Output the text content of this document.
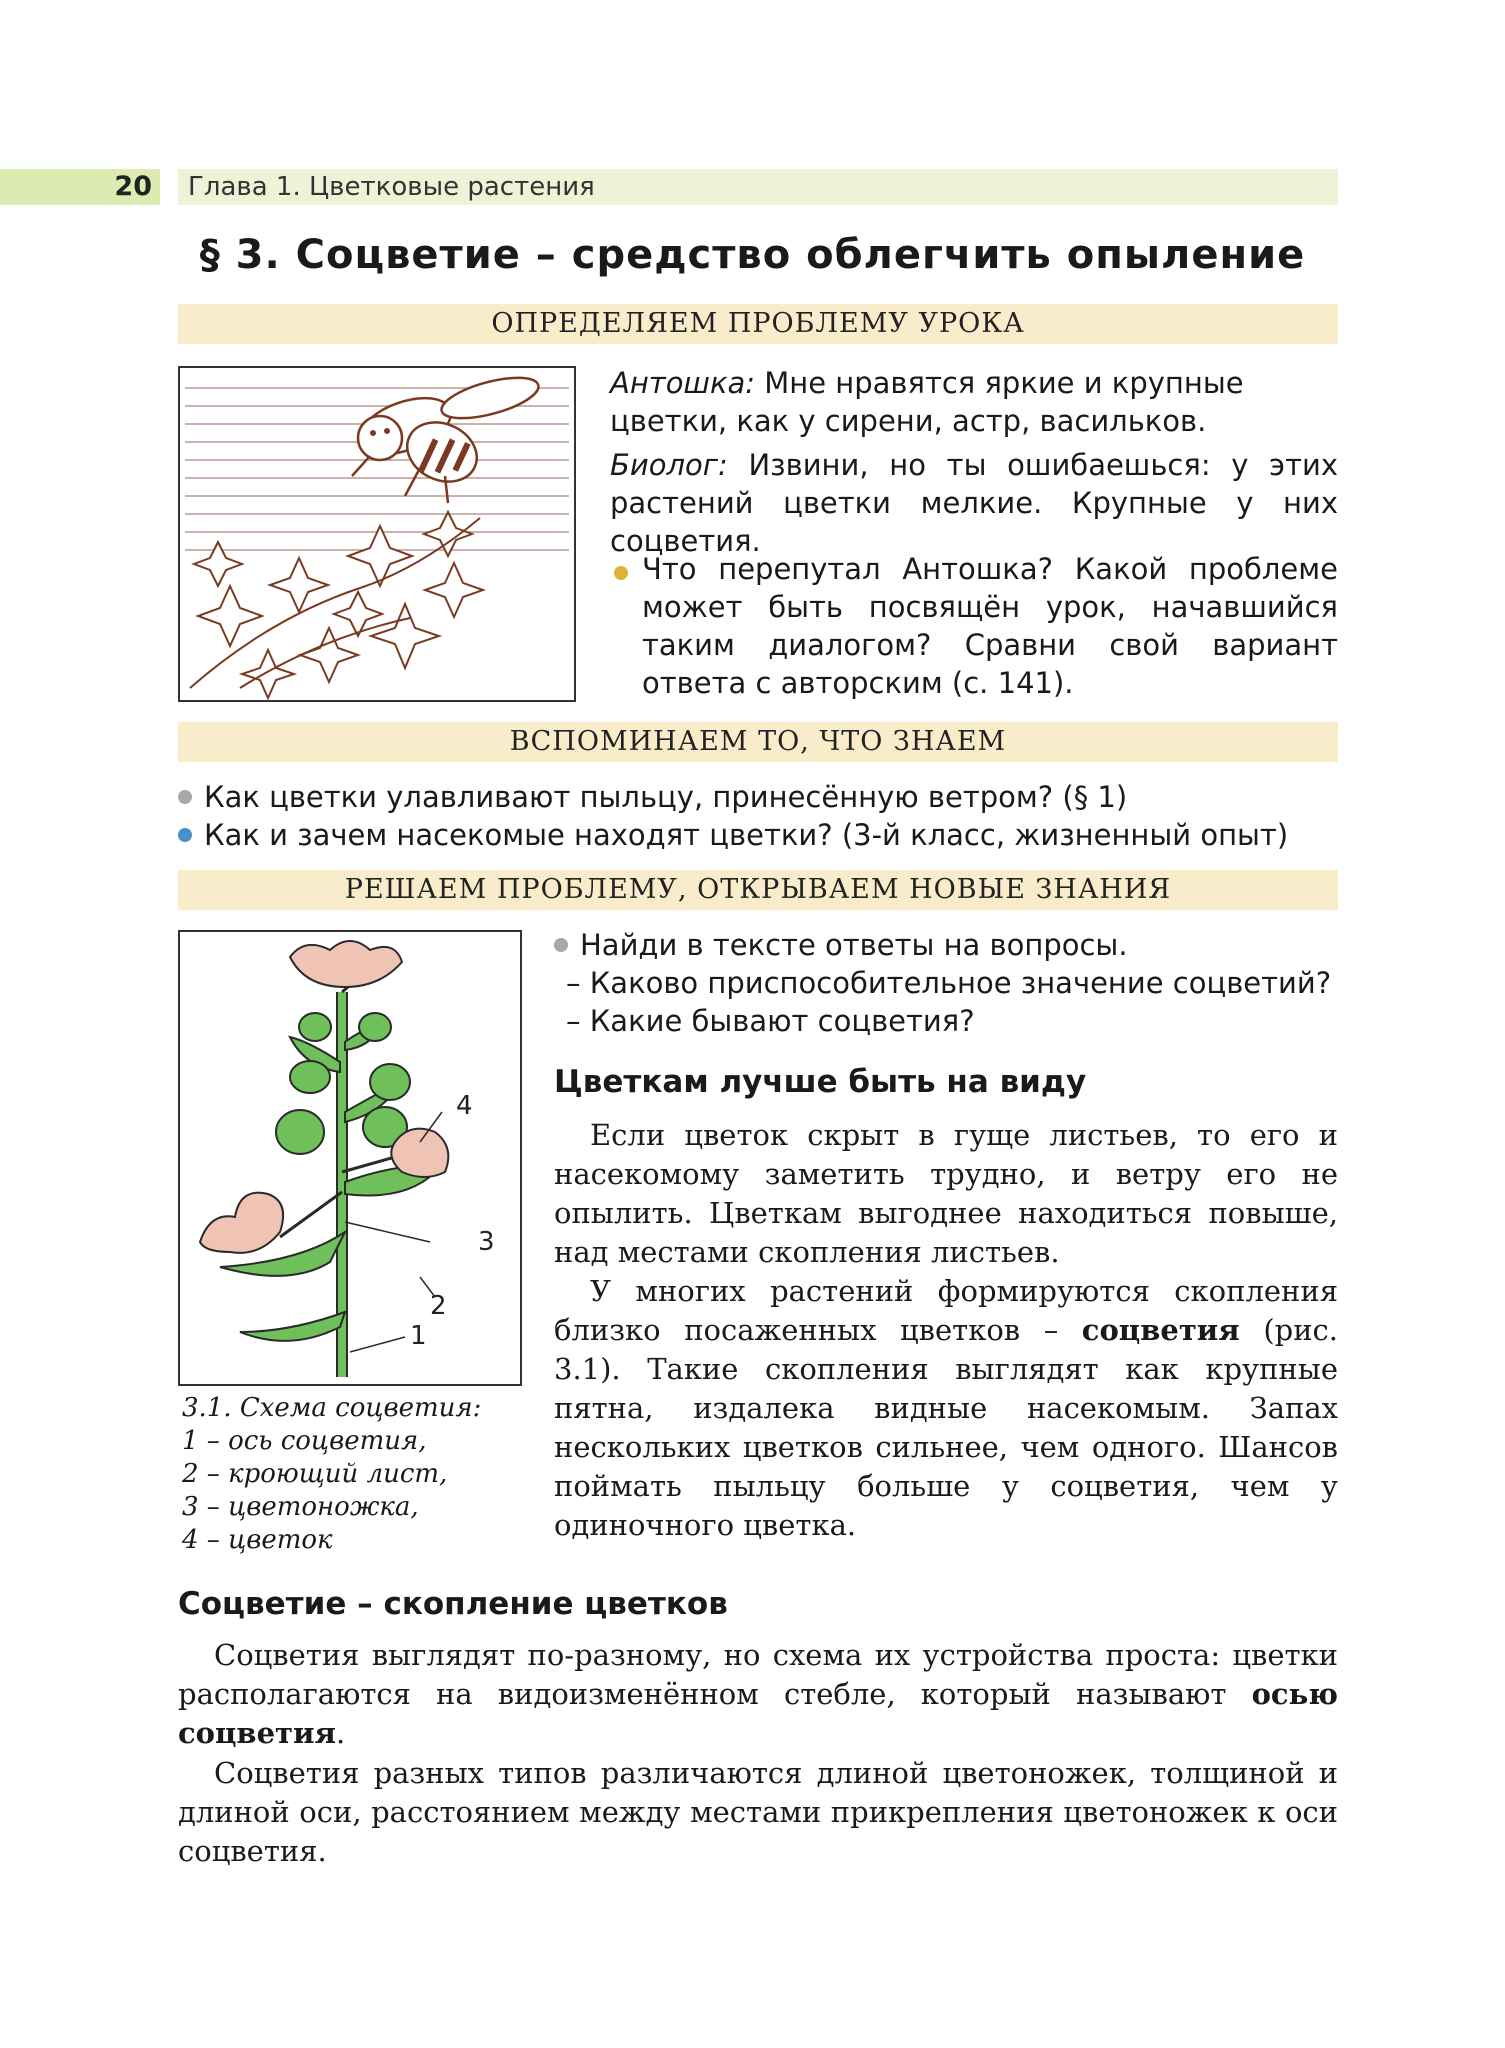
20 Глава 1. Цветковые растения
§ 3. Соцветие – средство облегчить опыление
ОПРЕДЕЛЯЕМ ПРОБЛЕМУ УРОКА
Антошка: Мне нравятся яркие и крупные цветки, как у сирени, астр, васильков.
Биолог: Извини, но ты ошибаешься: у этих растений цветки мелкие. Крупные у них соцветия.
Что перепутал Антошка? Какой проблеме может быть посвящён урок, начавшийся таким диалогом? Сравни свой вариант ответа с авторским (с. 141).
ВСПОМИНАЕМ ТО, ЧТО ЗНАЕМ
Как цветки улавливают пыльцу, принесённую ветром? (§ 1)
Как и зачем насекомые находят цветки? (3-й класс, жизненный опыт)
РЕШАЕМ ПРОБЛЕМУ, ОТКРЫВАЕМ НОВЫЕ ЗНАНИЯ
1
2
3
4
3.1. Схема соцветия:
1 – ось соцветия,
2 – кроющий лист,
3 – цветоножка,
4 – цветок
Найди в тексте ответы на вопросы.
– Каково приспособительное значение соцветий?
– Какие бывают соцветия?
Цветкам лучше быть на виду
Если цветок скрыт в гуще листьев, то его и насекомому заметить трудно, и ветру его не опылить. Цветкам выгоднее находиться повыше, над местами скопления листьев.
У многих растений формируются скопления близко посаженных цветков – соцветия (рис. 3.1). Такие скопления выглядят как крупные пятна, издалека видные насекомым. Запах нескольких цветков сильнее, чем одного. Шансов поймать пыльцу больше у соцветия, чем у одиночного цветка.
Соцветие – скопление цветков
Соцветия выглядят по-разному, но схема их устройства проста: цветки располагаются на видоизменённом стебле, который называют осью соцветия.
Соцветия разных типов различаются длиной цветоножек, толщиной и длиной оси, расстоянием между местами прикрепления цветоножек к оси соцветия.
